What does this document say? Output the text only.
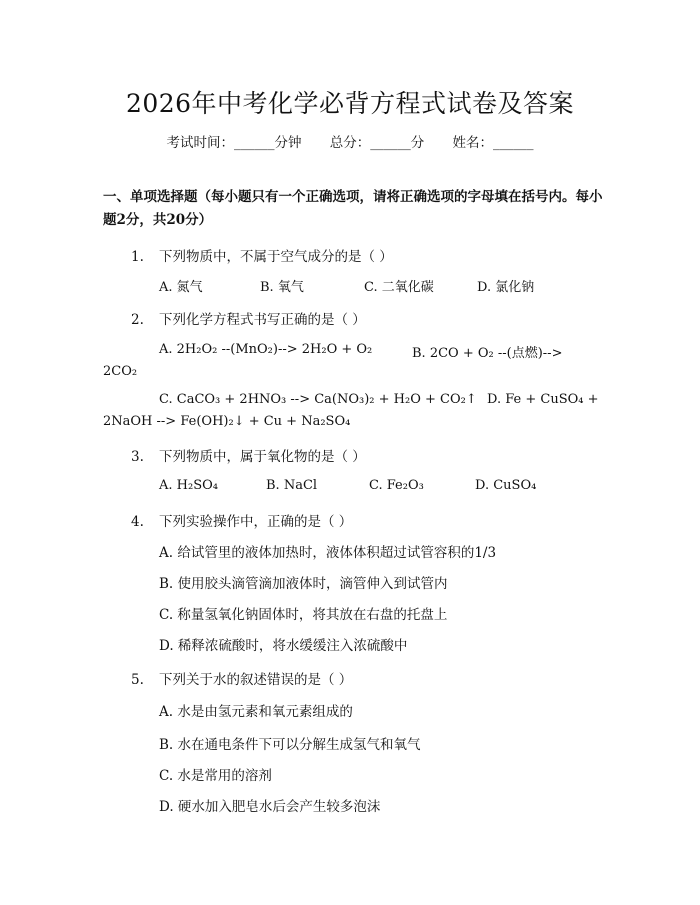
2026年中考化学必背方程式试卷及答案
考试时间：______分钟 总分：______分 姓名：______
一、单项选择题（每小题只有一个正确选项，请将正确选项的字母填在括号内。每小题2分，共20分）
1. 下列物质中，不属于空气成分的是（ ）
A. 氮气	B. 氧气	C. 二氧化碳	D. 氯化钠
2. 下列化学方程式书写正确的是（ ）
A. 2H₂O₂ --(MnO₂)--> 2H₂O + O₂	B. 2CO + O₂ --(点燃)-->
2CO₂
C. CaCO₃ + 2HNO₃ --> Ca(NO₃)₂ + H₂O + CO₂↑ D. Fe + CuSO₄ +
2NaOH --> Fe(OH)₂↓ + Cu + Na₂SO₄
3. 下列物质中，属于氧化物的是（ ）
A. H₂SO₄	B. NaCl	C. Fe₂O₃	D. CuSO₄
4. 下列实验操作中，正确的是（ ）
A. 给试管里的液体加热时，液体体积超过试管容积的1/3
B. 使用胶头滴管滴加液体时，滴管伸入到试管内
C. 称量氢氧化钠固体时，将其放在右盘的托盘上
D. 稀释浓硫酸时，将水缓缓注入浓硫酸中
5. 下列关于水的叙述错误的是（ ）
A. 水是由氢元素和氧元素组成的
B. 水在通电条件下可以分解生成氢气和氧气
C. 水是常用的溶剂
D. 硬水加入肥皂水后会产生较多泡沫
